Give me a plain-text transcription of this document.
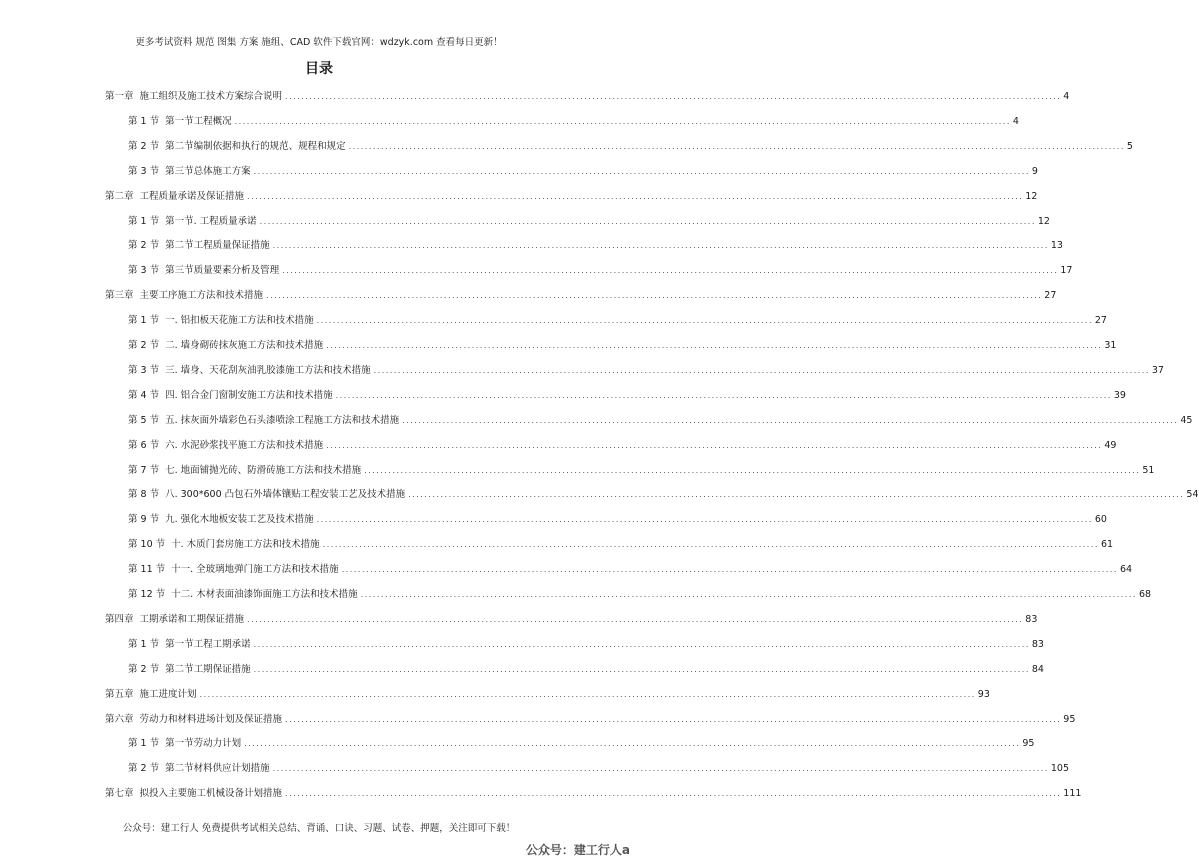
更多考试资料 规范 图集 方案 施组、CAD 软件下载官网：wdzyk.com 查看每日更新！
目录
第一章 施工组织及施工技术方案综合说明 ................................................................................................................................................................................................ 4
第 1 节 第一节工程概况 ................................................................................................................................................................................................ 4
第 2 节 第二节编制依据和执行的规范、规程和规定 ................................................................................................................................................................................................ 5
第 3 节 第三节总体施工方案 ................................................................................................................................................................................................ 9
第二章 工程质量承诺及保证措施 ................................................................................................................................................................................................ 12
第 1 节 第一节. 工程质量承诺 ................................................................................................................................................................................................ 12
第 2 节 第二节工程质量保证措施 ................................................................................................................................................................................................ 13
第 3 节 第三节质量要素分析及管理 ................................................................................................................................................................................................ 17
第三章 主要工序施工方法和技术措施 ................................................................................................................................................................................................ 27
第 1 节 一. 铝扣板天花施工方法和技术措施 ................................................................................................................................................................................................ 27
第 2 节 二. 墙身砌砖抹灰施工方法和技术措施 ................................................................................................................................................................................................ 31
第 3 节 三. 墙身、天花刮灰油乳胶漆施工方法和技术措施 ................................................................................................................................................................................................ 37
第 4 节 四. 铝合金门窗制安施工方法和技术措施 ................................................................................................................................................................................................ 39
第 5 节 五. 抹灰面外墙彩色石头漆喷涂工程施工方法和技术措施 ................................................................................................................................................................................................ 45
第 6 节 六. 水泥砂浆找平施工方法和技术措施 ................................................................................................................................................................................................ 49
第 7 节 七. 地面铺抛光砖、防滑砖施工方法和技术措施 ................................................................................................................................................................................................ 51
第 8 节 八. 300*600 凸包石外墙体镶贴工程安装工艺及技术措施 ................................................................................................................................................................................................ 54
第 9 节 九. 强化木地板安装工艺及技术措施 ................................................................................................................................................................................................ 60
第 10 节 十. 木质门套房施工方法和技术措施 ................................................................................................................................................................................................ 61
第 11 节 十一. 全玻璃地弹门施工方法和技术措施 ................................................................................................................................................................................................ 64
第 12 节 十二. 木材表面油漆饰面施工方法和技术措施 ................................................................................................................................................................................................ 68
第四章 工期承诺和工期保证措施 ................................................................................................................................................................................................ 83
第 1 节 第一节工程工期承诺 ................................................................................................................................................................................................ 83
第 2 节 第二节工期保证措施 ................................................................................................................................................................................................ 84
第五章 施工进度计划 ................................................................................................................................................................................................ 93
第六章 劳动力和材料进场计划及保证措施 ................................................................................................................................................................................................ 95
第 1 节 第一节劳动力计划 ................................................................................................................................................................................................ 95
第 2 节 第二节材料供应计划措施 ................................................................................................................................................................................................ 105
第七章 拟投入主要施工机械设备计划措施 ................................................................................................................................................................................................ 111
公众号：建工行人 免费提供考试相关总结、背诵、口诀、习题、试卷、押题，关注即可下载！
公众号：建工行人a
